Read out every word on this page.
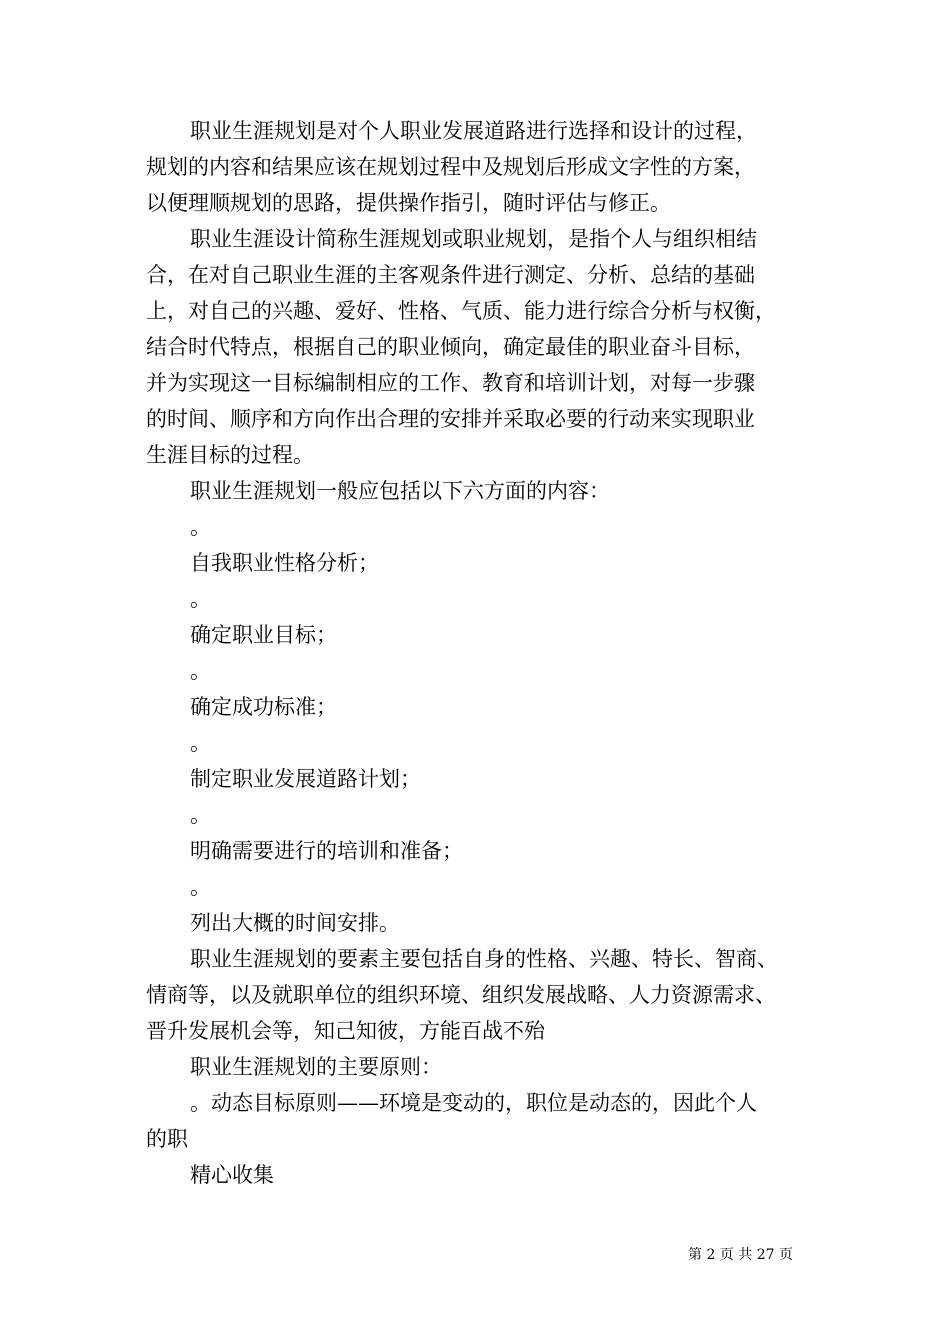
职业生涯规划是对个人职业发展道路进行选择和设计的过程，
规划的内容和结果应该在规划过程中及规划后形成文字性的方案，
以便理顺规划的思路，提供操作指引，随时评估与修正。
职业生涯设计简称生涯规划或职业规划，是指个人与组织相结
合，在对自己职业生涯的主客观条件进行测定、分析、总结的基础
上，对自己的兴趣、爱好、性格、气质、能力进行综合分析与权衡，
结合时代特点，根据自己的职业倾向，确定最佳的职业奋斗目标，
并为实现这一目标编制相应的工作、教育和培训计划，对每一步骤
的时间、顺序和方向作出合理的安排并采取必要的行动来实现职业
生涯目标的过程。
职业生涯规划一般应包括以下六方面的内容：
。
自我职业性格分析；
。
确定职业目标；
。
确定成功标准；
。
制定职业发展道路计划；
。
明确需要进行的培训和准备；
。
列出大概的时间安排。
职业生涯规划的要素主要包括自身的性格、兴趣、特长、智商、
情商等，以及就职单位的组织环境、组织发展战略、人力资源需求、
晋升发展机会等，知己知彼，方能百战不殆
职业生涯规划的主要原则：
。动态目标原则——环境是变动的，职位是动态的，因此个人
的职
精心收集
第 2 页 共 27 页
